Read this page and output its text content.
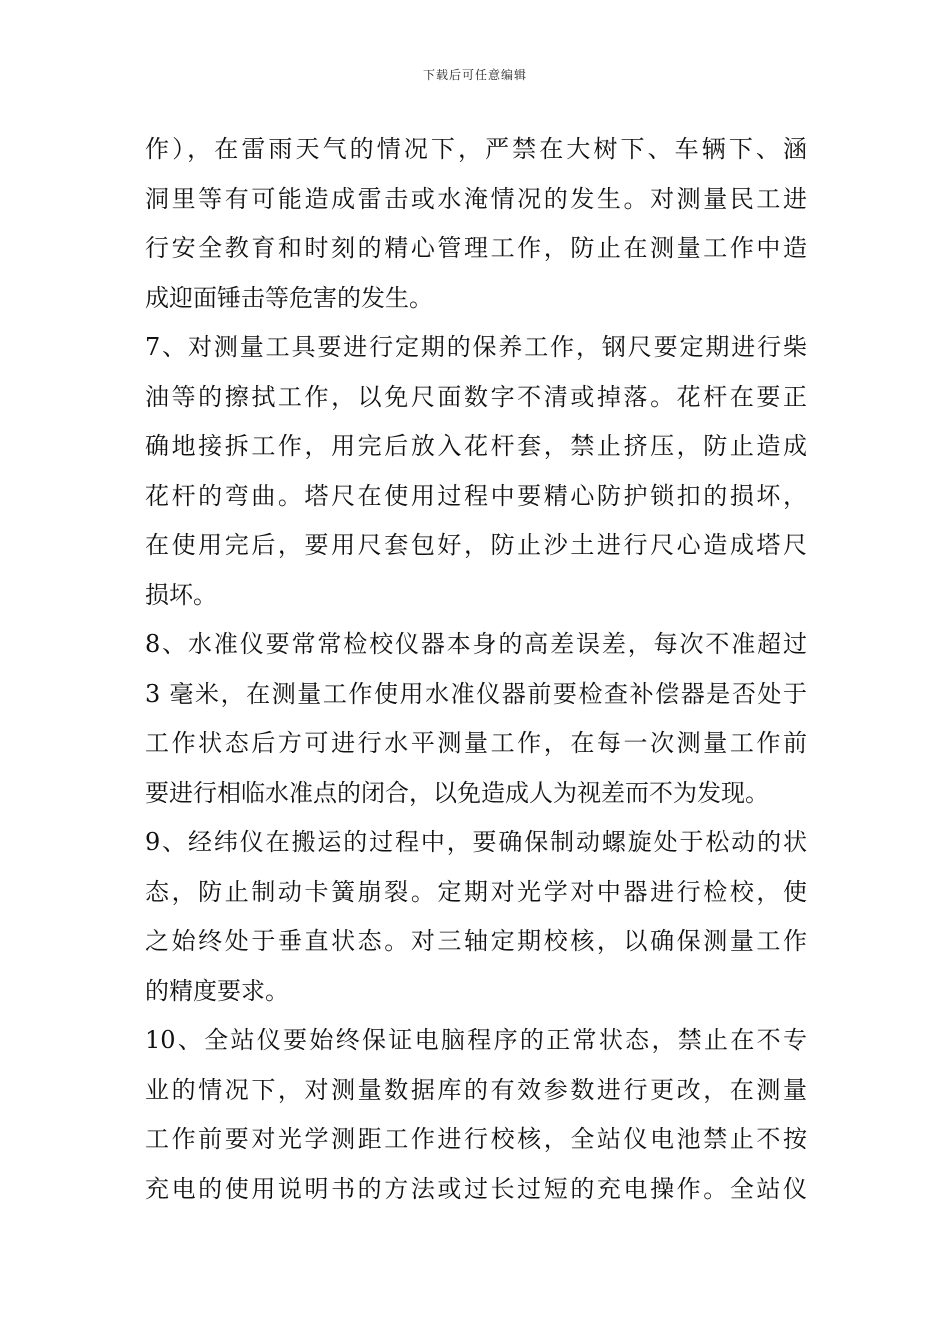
下载后可任意编辑
作），在雷雨天气的情况下，严禁在大树下、车辆下、涵
洞里等有可能造成雷击或水淹情况的发生。对测量民工进
行安全教育和时刻的精心管理工作，防止在测量工作中造
成迎面锤击等危害的发生。
7、对测量工具要进行定期的保养工作，钢尺要定期进行柴
油等的擦拭工作，以免尺面数字不清或掉落。花杆在要正
确地接拆工作，用完后放入花杆套，禁止挤压，防止造成
花杆的弯曲。塔尺在使用过程中要精心防护锁扣的损坏，
在使用完后，要用尺套包好，防止沙土进行尺心造成塔尺
损坏。
8、水准仪要常常检校仪器本身的高差误差，每次不准超过
3 毫米，在测量工作使用水准仪器前要检查补偿器是否处于
工作状态后方可进行水平测量工作，在每一次测量工作前
要进行相临水准点的闭合，以免造成人为视差而不为发现。
9、经纬仪在搬运的过程中，要确保制动螺旋处于松动的状
态，防止制动卡簧崩裂。定期对光学对中器进行检校，使
之始终处于垂直状态。对三轴定期校核，以确保测量工作
的精度要求。
10、全站仪要始终保证电脑程序的正常状态，禁止在不专
业的情况下，对测量数据库的有效参数进行更改，在测量
工作前要对光学测距工作进行校核，全站仪电池禁止不按
充电的使用说明书的方法或过长过短的充电操作。全站仪
